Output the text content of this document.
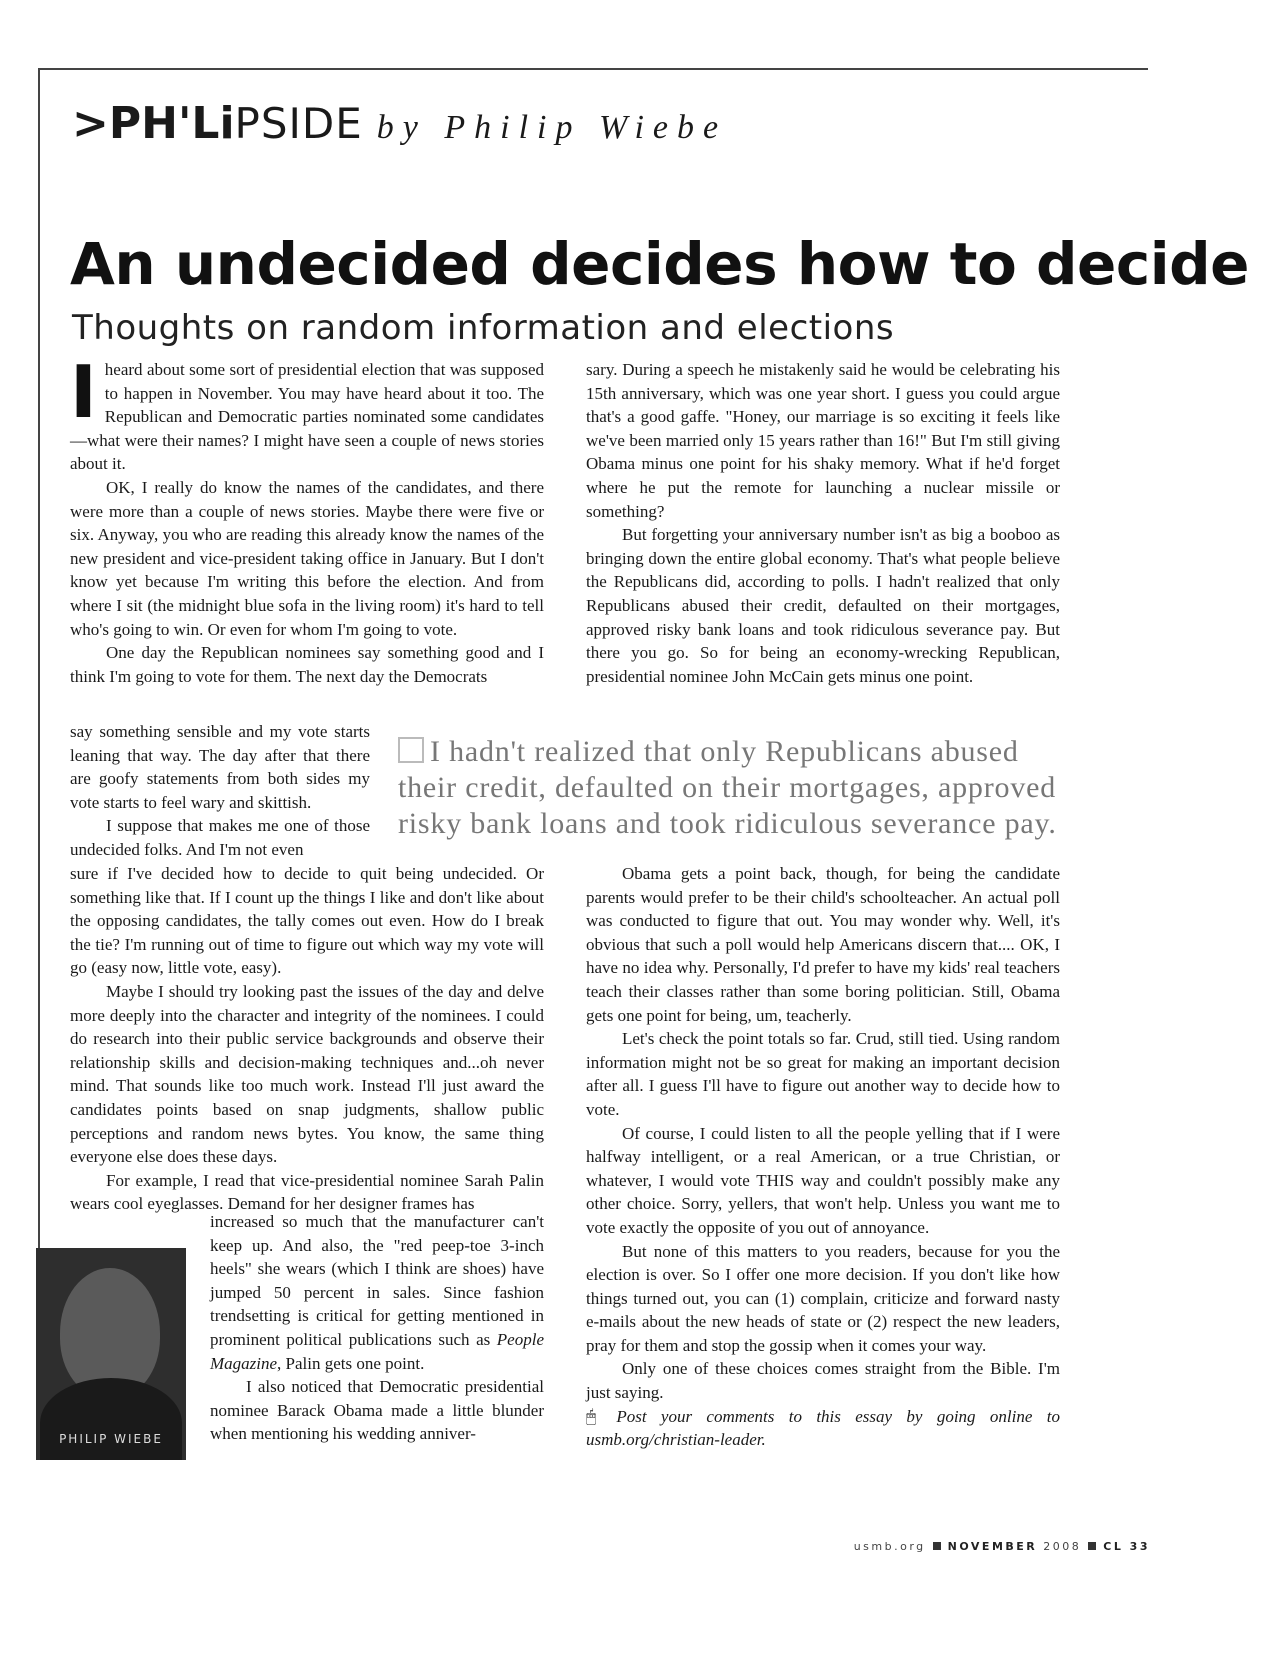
>PH'LiPSIDE by Philip Wiebe
An undecided decides how to decide
Thoughts on random information and elections

Iheard about some sort of presidential election that was supposed to happen in November. You may have heard about it too. The Republican and Democratic parties nominated some candidates—what were their names? I might have seen a couple of news stories about it.

OK, I really do know the names of the candidates, and there were more than a couple of news stories. Maybe there were five or six. Anyway, you who are reading this already know the names of the new president and vice-president taking office in January. But I don't know yet because I'm writing this before the election. And from where I sit (the midnight blue sofa in the living room) it's hard to tell who's going to win. Or even for whom I'm going to vote.

One day the Republican nominees say something good and I think I'm going to vote for them. The next day the Democrats

say something sensible and my vote starts leaning that way. The day after that there are goofy statements from both sides my vote starts to feel wary and skittish.

I suppose that makes me one of those undecided folks. And I'm not even

I hadn't realized that only Republicans abused their credit, defaulted on their mortgages, approved risky bank loans and took ridiculous severance pay.

sure if I've decided how to decide to quit being undecided. Or something like that. If I count up the things I like and don't like about the opposing candidates, the tally comes out even. How do I break the tie? I'm running out of time to figure out which way my vote will go (easy now, little vote, easy).

Maybe I should try looking past the issues of the day and delve more deeply into the character and integrity of the nominees. I could do research into their public service backgrounds and observe their relationship skills and decision-making techniques and...oh never mind. That sounds like too much work. Instead I'll just award the candidates points based on snap judgments, shallow public perceptions and random news bytes. You know, the same thing everyone else does these days.

For example, I read that vice-presidential nominee Sarah Palin wears cool eyeglasses. Demand for her designer frames has

increased so much that the manufacturer can't keep up. And also, the "red peep-toe 3-inch heels" she wears (which I think are shoes) have jumped 50 percent in sales. Since fashion trendsetting is critical for getting mentioned in prominent political publications such as People Magazine, Palin gets one point.

I also noticed that Democratic presidential nominee Barack Obama made a little blunder when mentioning his wedding anniver-

PHILIP WIEBE

sary. During a speech he mistakenly said he would be celebrating his 15th anniversary, which was one year short. I guess you could argue that's a good gaffe. "Honey, our marriage is so exciting it feels like we've been married only 15 years rather than 16!" But I'm still giving Obama minus one point for his shaky memory. What if he'd forget where he put the remote for launching a nuclear missile or something?

But forgetting your anniversary number isn't as big a booboo as bringing down the entire global economy. That's what people believe the Republicans did, according to polls. I hadn't realized that only Republicans abused their credit, defaulted on their mortgages, approved risky bank loans and took ridiculous severance pay. But there you go. So for being an economy-wrecking Republican, presidential nominee John McCain gets minus one point.

Obama gets a point back, though, for being the candidate parents would prefer to be their child's schoolteacher. An actual poll was conducted to figure that out. You may wonder why. Well, it's obvious that such a poll would help Americans discern that.... OK, I have no idea why. Personally, I'd prefer to have my kids' real teachers teach their classes rather than some boring politician. Still, Obama gets one point for being, um, teacherly.

Let's check the point totals so far. Crud, still tied. Using random information might not be so great for making an important decision after all. I guess I'll have to figure out another way to decide how to vote.

Of course, I could listen to all the people yelling that if I were halfway intelligent, or a real American, or a true Christian, or whatever, I would vote THIS way and couldn't possibly make any other choice. Sorry, yellers, that won't help. Unless you want me to vote exactly the opposite of you out of annoyance.

But none of this matters to you readers, because for you the election is over. So I offer one more decision. If you don't like how things turned out, you can (1) complain, criticize and forward nasty e-mails about the new heads of state or (2) respect the new leaders, pray for them and stop the gossip when it comes your way.

Only one of these choices comes straight from the Bible. I'm just saying.

🖱 Post your comments to this essay by going online to usmb.org/christian-leader.

usmb.org NOVEMBER 2008 CL 33
